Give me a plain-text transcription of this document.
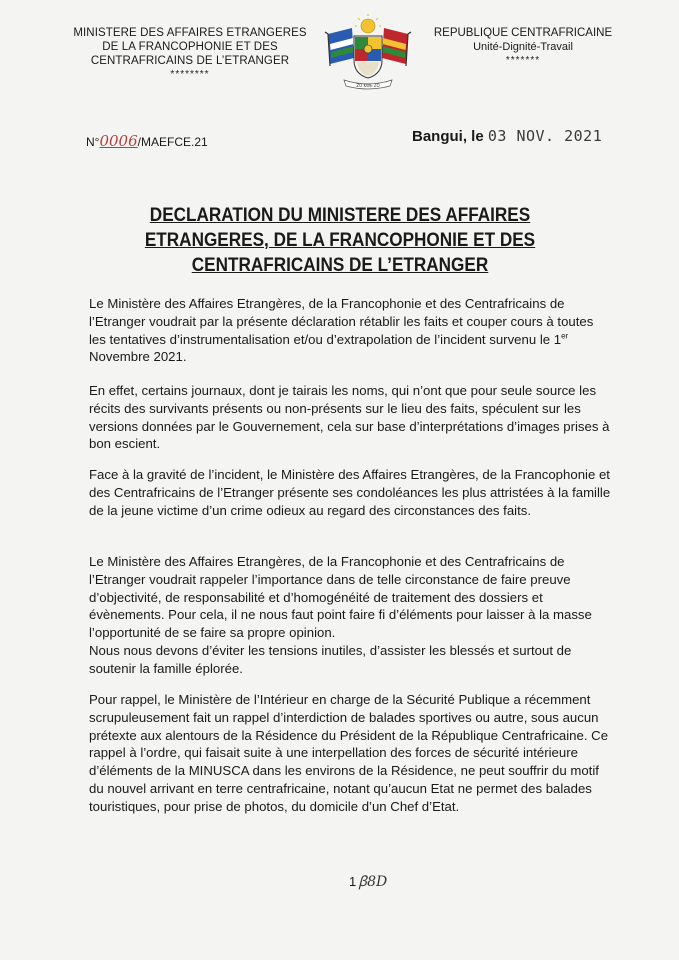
MINISTERE DES AFFAIRES ETRANGERES
DE LA FRANCOPHONIE ET DES
CENTRAFRICAINS DE L’ETRANGER
********
ZO KWE ZO
REPUBLIQUE CENTRAFRICAINE
Unité-Dignité-Travail
*******
N°0006/MAEFCE.21	Bangui, le 03 NOV. 2021
DECLARATION DU MINISTERE DES AFFAIRES
ETRANGERES, DE LA FRANCOPHONIE ET DES
CENTRAFRICAINS DE L’ETRANGER
Le Ministère des Affaires Etrangères, de la Francophonie et des Centrafricains de l’Etranger voudrait par la présente déclaration rétablir les faits et couper cours à toutes les tentatives d’instrumentalisation et/ou d’extrapolation de l’incident survenu le 1er Novembre 2021.
En effet, certains journaux, dont je tairais les noms, qui n’ont que pour seule source les récits des survivants présents ou non-présents sur le lieu des faits, spéculent sur les versions données par le Gouvernement, cela sur base d’interprétations d’images prises à bon escient.
Face à la gravité de l’incident, le Ministère des Affaires Etrangères, de la Francophonie et des Centrafricains de l’Etranger présente ses condoléances les plus attristées à la famille de la jeune victime d’un crime odieux au regard des circonstances des faits.
Le Ministère des Affaires Etrangères, de la Francophonie et des Centrafricains de l’Etranger voudrait rappeler l’importance dans de telle circonstance de faire preuve d’objectivité, de responsabilité et d’homogénéité de traitement des dossiers et évènements. Pour cela, il ne nous faut point faire fi d’éléments pour laisser à la masse l’opportunité de se faire sa propre opinion.
Nous nous devons d’éviter les tensions inutiles, d’assister les blessés et surtout de soutenir la famille éplorée.
Pour rappel, le Ministère de l’Intérieur en charge de la Sécurité Publique a récemment scrupuleusement fait un rappel d’interdiction de balades sportives ou autre, sous aucun prétexte aux alentours de la Résidence du Président de la République Centrafricaine. Ce rappel à l’ordre, qui faisait suite à une interpellation des forces de sécurité intérieure d’éléments de la MINUSCA dans les environs de la Résidence, ne peut souffrir du motif du nouvel arrivant en terre centrafricaine, notant qu’aucun Etat ne permet des balades touristiques, pour prise de photos, du domicile d’un Chef d’Etat.
1 ꞵ8D
